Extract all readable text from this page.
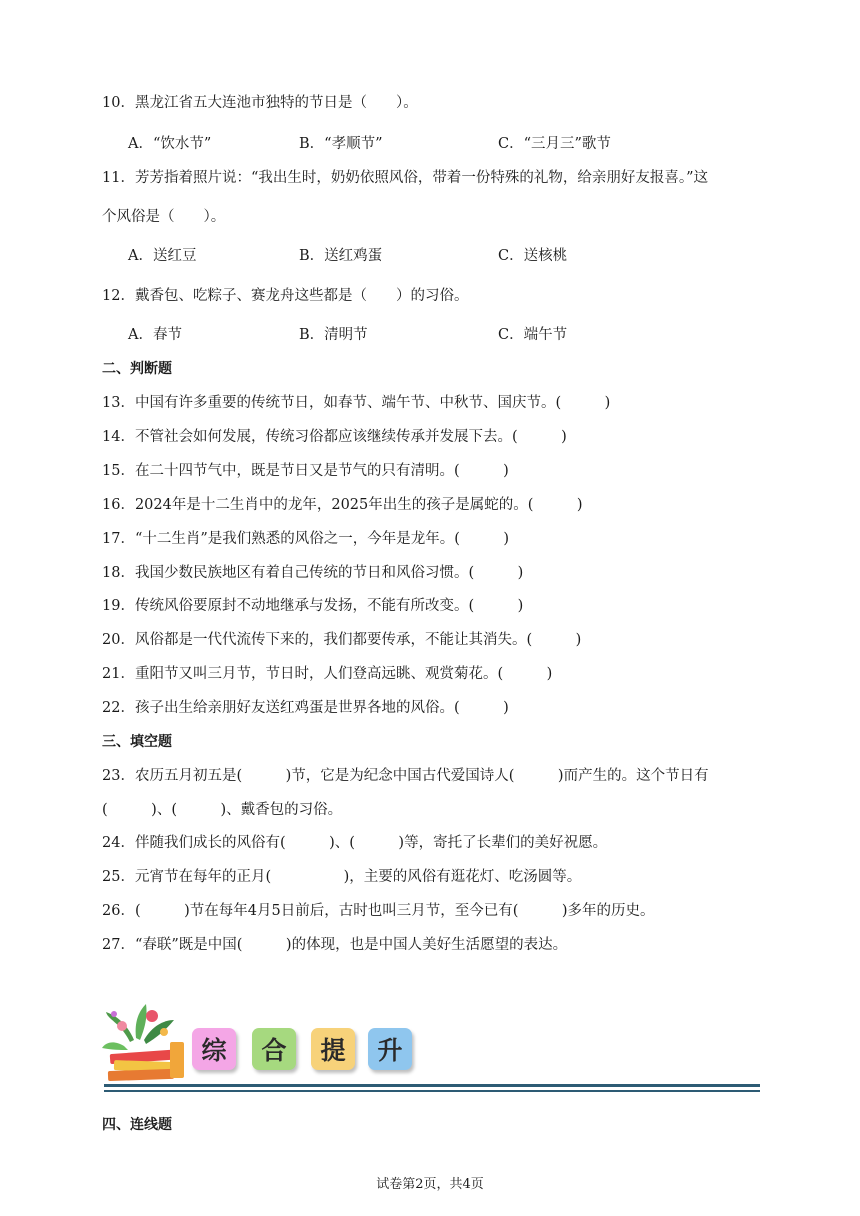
10．黑龙江省五大连池市独特的节日是（　　）。
A．“饮水节”	B．“孝顺节”	C．“三月三”歌节
11．芳芳指着照片说：“我出生时，奶奶依照风俗，带着一份特殊的礼物，给亲朋好友报喜。”这
个风俗是（　　）。
A．送红豆	B．送红鸡蛋	C．送核桃
12．戴香包、吃粽子、赛龙舟这些都是（　　）的习俗。
A．春节	B．清明节	C．端午节
二、判断题
13．中国有许多重要的传统节日，如春节、端午节、中秋节、国庆节。(　　　)
14．不管社会如何发展，传统习俗都应该继续传承并发展下去。(　　　)
15．在二十四节气中，既是节日又是节气的只有清明。(　　　)
16．2024年是十二生肖中的龙年，2025年出生的孩子是属蛇的。(　　　)
17．“十二生肖”是我们熟悉的风俗之一，今年是龙年。(　　　)
18．我国少数民族地区有着自己传统的节日和风俗习惯。(　　　)
19．传统风俗要原封不动地继承与发扬，不能有所改变。(　　　)
20．风俗都是一代代流传下来的，我们都要传承，不能让其消失。(　　　)
21．重阳节又叫三月节，节日时，人们登高远眺、观赏菊花。(　　　)
22．孩子出生给亲朋好友送红鸡蛋是世界各地的风俗。(　　　)
三、填空题
23．农历五月初五是(　　　)节，它是为纪念中国古代爱国诗人(　　　)而产生的。这个节日有
(　　　)、(　　　)、戴香包的习俗。
24．伴随我们成长的风俗有(　　　)、(　　　)等，寄托了长辈们的美好祝愿。
25．元宵节在每年的正月(　　　　　)，主要的风俗有逛花灯、吃汤圆等。
26．(　　　)节在每年4月5日前后，古时也叫三月节，至今已有(　　　)多年的历史。
27．“春联”既是中国(　　　)的体现，也是中国人美好生活愿望的表达。
综 合 提 升
四、连线题
试卷第2页，共4页
